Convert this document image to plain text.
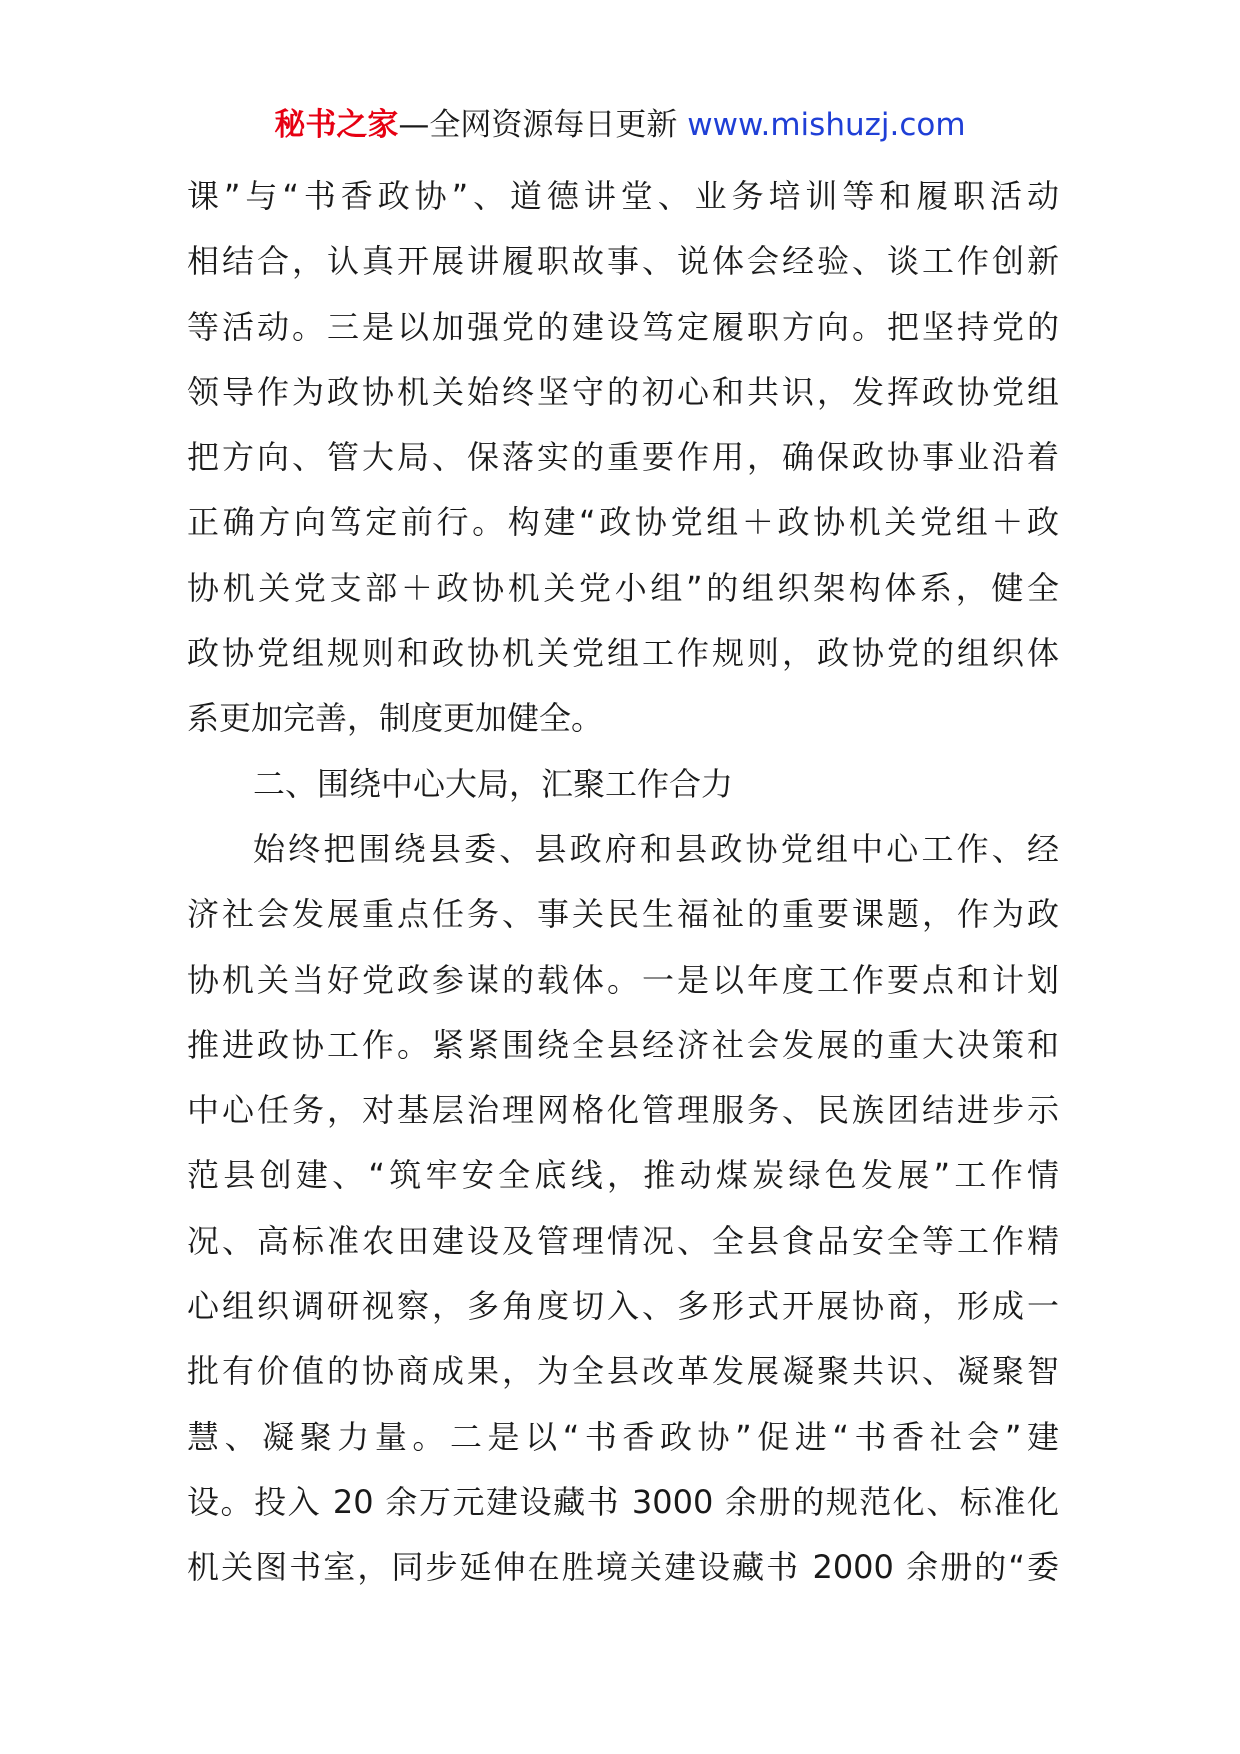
秘书之家—全网资源每日更新 www.mishuzj.com
课”与“书香政协”、道德讲堂、业务培训等和履职活动
相结合，认真开展讲履职故事、说体会经验、谈工作创新
等活动。三是以加强党的建设笃定履职方向。把坚持党的
领导作为政协机关始终坚守的初心和共识，发挥政协党组
把方向、管大局、保落实的重要作用，确保政协事业沿着
正确方向笃定前行。构建“政协党组＋政协机关党组＋政
协机关党支部＋政协机关党小组”的组织架构体系，健全
政协党组规则和政协机关党组工作规则，政协党的组织体
系更加完善，制度更加健全。
二、围绕中心大局，汇聚工作合力
始终把围绕县委、县政府和县政协党组中心工作、经
济社会发展重点任务、事关民生福祉的重要课题，作为政
协机关当好党政参谋的载体。一是以年度工作要点和计划
推进政协工作。紧紧围绕全县经济社会发展的重大决策和
中心任务，对基层治理网格化管理服务、民族团结进步示
范县创建、“筑牢安全底线，推动煤炭绿色发展”工作情
况、高标准农田建设及管理情况、全县食品安全等工作精
心组织调研视察，多角度切入、多形式开展协商，形成一
批有价值的协商成果，为全县改革发展凝聚共识、凝聚智
慧、凝聚力量。二是以“书香政协”促进“书香社会”建
设。投入 20 余万元建设藏书 3000 余册的规范化、标准化
机关图书室，同步延伸在胜境关建设藏书 2000 余册的“委
